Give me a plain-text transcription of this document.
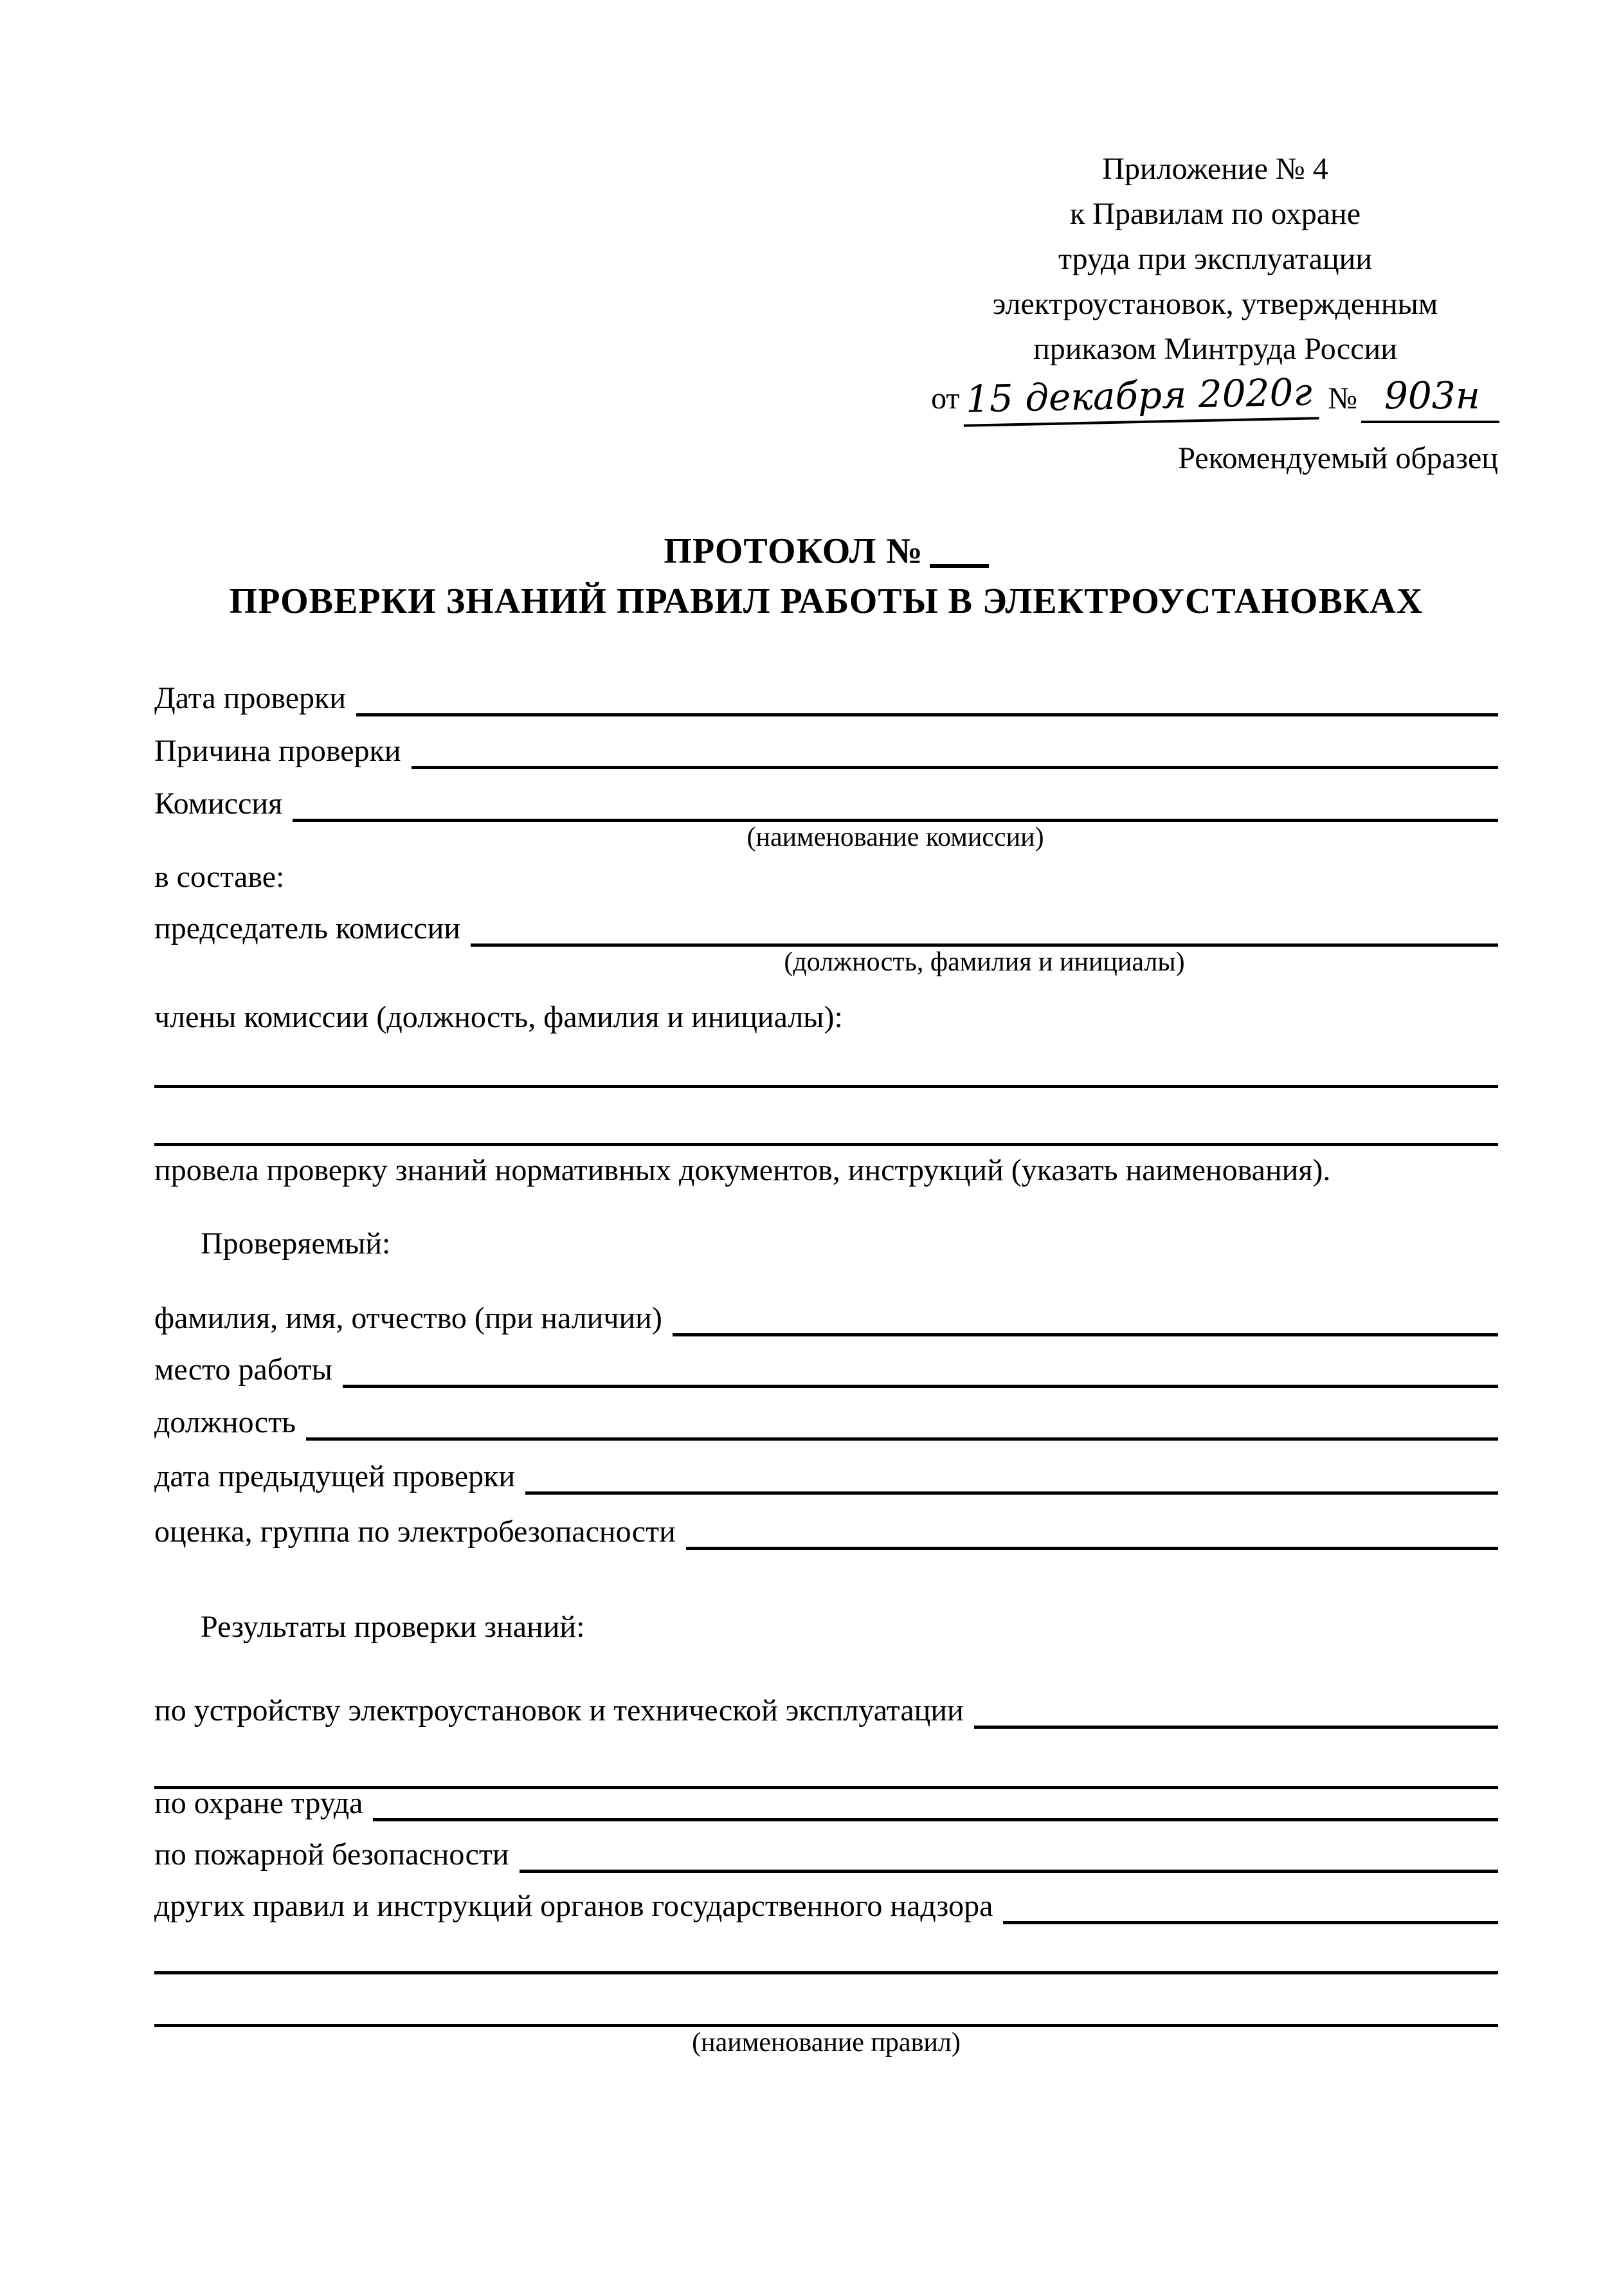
Приложение № 4
к Правилам по охране
труда при эксплуатации
электроустановок, утвержденным
приказом Минтруда России
от 15 декабря 2020г № 903н
Рекомендуемый образец
ПРОТОКОЛ №
ПРОВЕРКИ ЗНАНИЙ ПРАВИЛ РАБОТЫ В ЭЛЕКТРОУСТАНОВКАХ
Дата проверки
Причина проверки
Комиссия
(наименование комиссии)
в составе:
председатель комиссии
(должность, фамилия и инициалы)
члены комиссии (должность, фамилия и инициалы):
провела проверку знаний нормативных документов, инструкций (указать наименования).
Проверяемый:
фамилия, имя, отчество (при наличии)
место работы
должность
дата предыдущей проверки
оценка, группа по электробезопасности
Результаты проверки знаний:
по устройству электроустановок и технической эксплуатации
по охране труда
по пожарной безопасности
других правил и инструкций органов государственного надзора
(наименование правил)
